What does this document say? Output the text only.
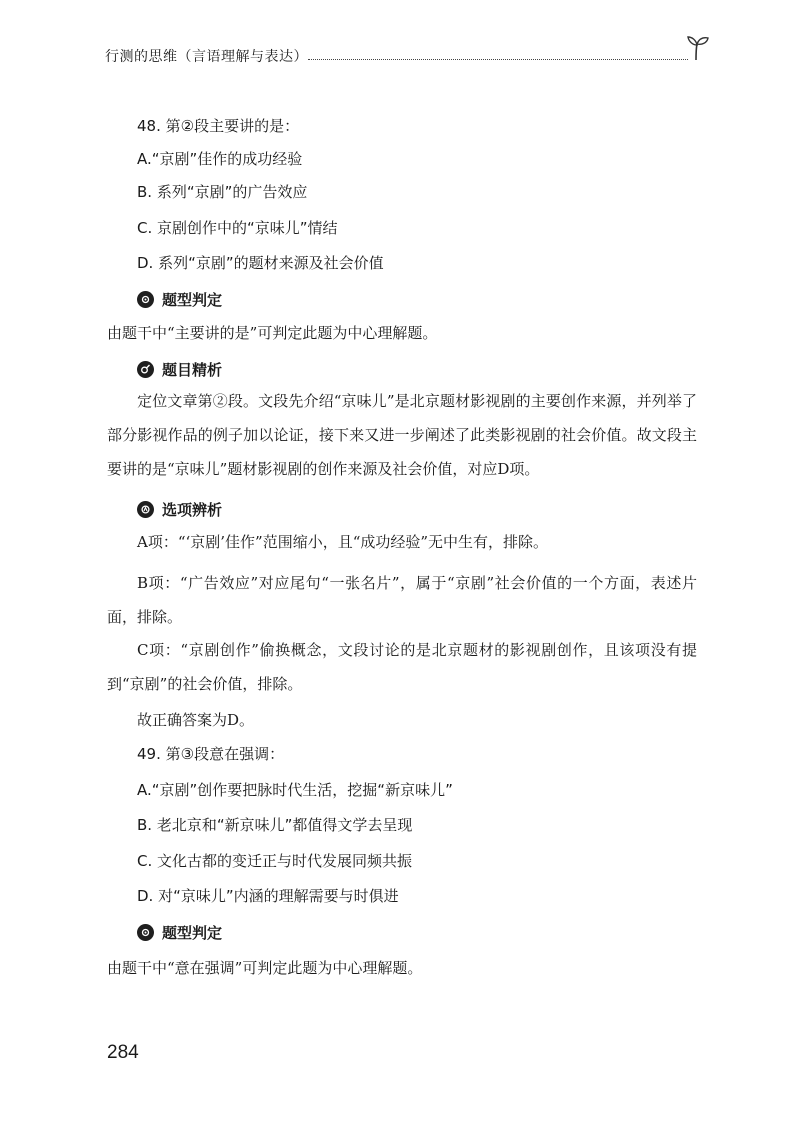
行测的思维（言语理解与表达）
48. 第②段主要讲的是：
A.“京剧”佳作的成功经验
B. 系列“京剧”的广告效应
C. 京剧创作中的“京味儿”情结
D. 系列“京剧”的题材来源及社会价值
题型判定
由题干中“主要讲的是”可判定此题为中心理解题。
题目精析
定位文章第②段。文段先介绍“京味儿”是北京题材影视剧的主要创作来源，并列举了部分影视作品的例子加以论证，接下来又进一步阐述了此类影视剧的社会价值。故文段主要讲的是“京味儿”题材影视剧的创作来源及社会价值，对应D项。
选项辨析
A项：“‘京剧’佳作”范围缩小，且“成功经验”无中生有，排除。
B项：“广告效应”对应尾句“一张名片”，属于“京剧”社会价值的一个方面，表述片面，排除。
C项：“京剧创作”偷换概念，文段讨论的是北京题材的影视剧创作，且该项没有提到“京剧”的社会价值，排除。
故正确答案为D。
49. 第③段意在强调：
A.“京剧”创作要把脉时代生活，挖掘“新京味儿”
B. 老北京和“新京味儿”都值得文学去呈现
C. 文化古都的变迁正与时代发展同频共振
D. 对“京味儿”内涵的理解需要与时俱进
题型判定
由题干中“意在强调”可判定此题为中心理解题。
284
